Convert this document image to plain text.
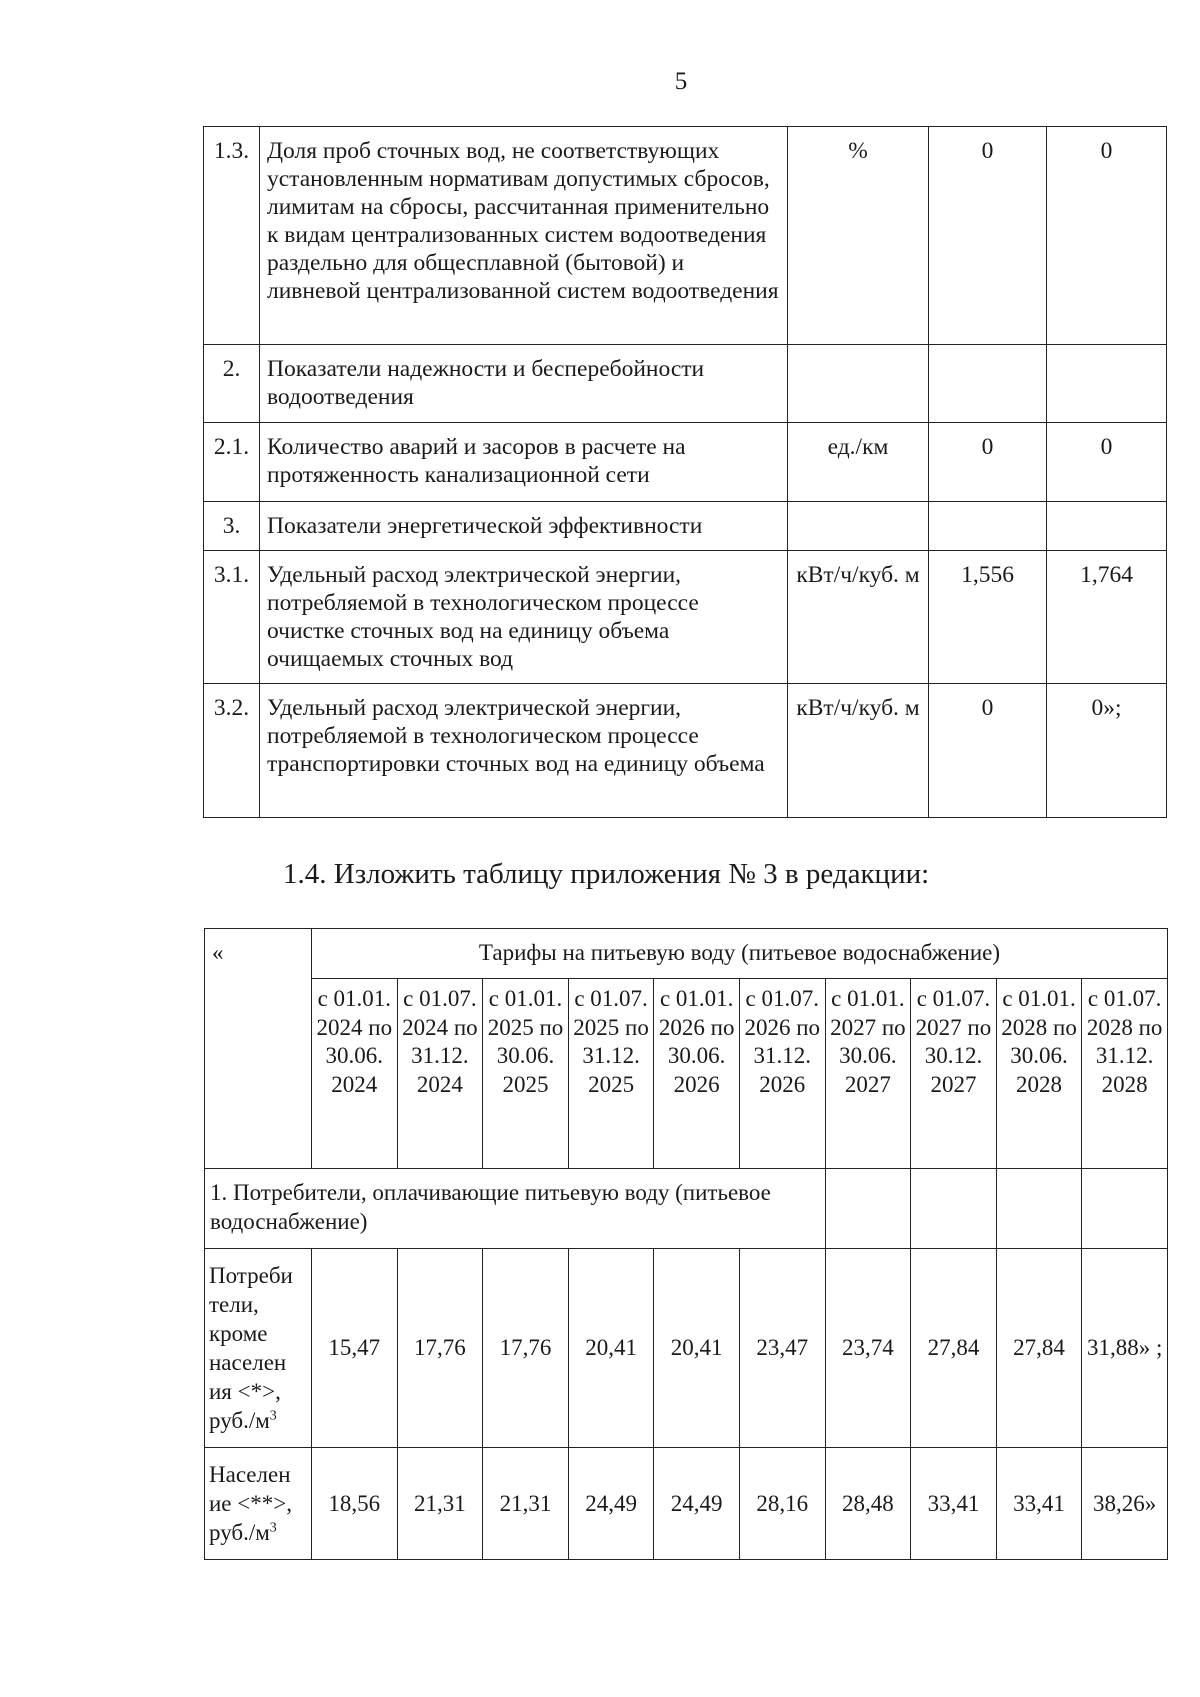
5
1.3.	Доля проб сточных вод, не соответствующих установленным нормативам допустимых сбросов, лимитам на сбросы, рассчитанная применительно к видам централизованных систем водоотведения раздельно для общесплавной (бытовой) и ливневой централизованной систем водоотведения	%	0	0
2.	Показатели надежности и бесперебойности водоотведения			
2.1.	Количество аварий и засоров в расчете на протяженность канализационной сети	ед./км	0	0
3.	Показатели энергетической эффективности			
3.1.	Удельный расход электрической энергии, потребляемой в технологическом процессе очистке сточных вод на единицу объема очищаемых сточных вод	кВт/ч/куб. м	1,556	1,764
3.2.	Удельный расход электрической энергии, потребляемой в технологическом процессе транспортировки сточных вод на единицу объема	кВт/ч/куб. м	0	0»;
1.4. Изложить таблицу приложения № 3 в редакции:
«	Тарифы на питьевую воду (питьевое водоснабжение)									
	с 01.01. 2024 по 30.06. 2024	с 01.07. 2024 по 31.12. 2024	с 01.01. 2025 по 30.06. 2025	с 01.07. 2025 по 31.12. 2025	с 01.01. 2026 по 30.06. 2026	с 01.07. 2026 по 31.12. 2026	с 01.01. 2027 по 30.06. 2027	с 01.07. 2027 по 30.12. 2027	с 01.01. 2028 по 30.06. 2028	с 01.07. 2028 по 31.12. 2028
1. Потребители, оплачивающие питьевую воду (питьевое водоснабжение)										
Потреби тели, кроме населен ия <*>, $руб./м^3$	15,47	17,76	17,76	20,41	20,41	23,47	23,74	27,84	27,84	31,88» ;
Населен ие <**>, $руб./м^3$	18,56	21,31	21,31	24,49	24,49	28,16	28,48	33,41	33,41	38,26»
